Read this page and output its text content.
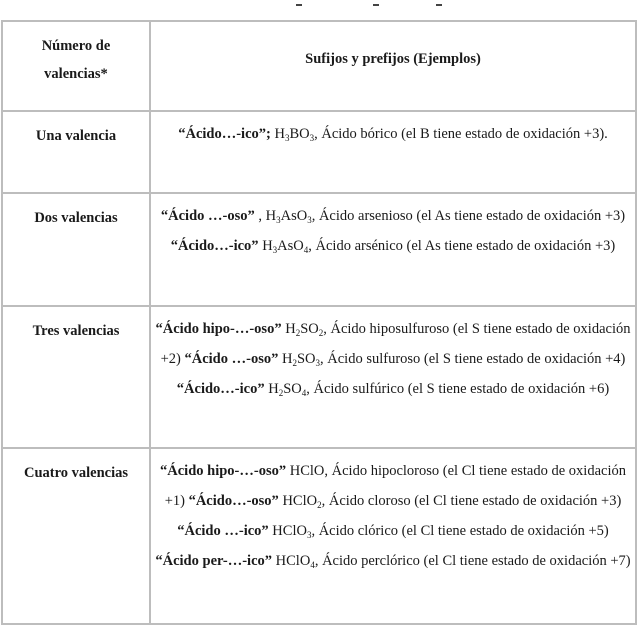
Número de valencias*	Sufijos y prefijos (Ejemplos)
Una valencia	“Ácido…-ico”; $H_3BO_3$, Ácido bórico (el B tiene estado de oxidación +3).
Dos valencias	“Ácido …-oso” , $H_3AsO_3$, Ácido arsenioso (el As tiene estado de oxidación +3) “Ácido…-ico” $H_3AsO_4$, Ácido arsénico (el As tiene estado de oxidación +3)
Tres valencias	“Ácido hipo-…-oso” $H_2SO_2$, Ácido hiposulfuroso (el S tiene estado de oxidación +2) “Ácido …-oso” $H_2SO_3$, Ácido sulfuroso (el S tiene estado de oxidación +4) “Ácido…-ico” $H_2SO_4$, Ácido sulfúrico (el S tiene estado de oxidación +6)
Cuatro valencias	“Ácido hipo-…-oso” HClO, Ácido hipocloroso (el Cl tiene estado de oxidación +1) “Ácido…-oso” HClO$_2$, Ácido cloroso (el Cl tiene estado de oxidación +3) “Ácido …-ico” HClO$_3$, Ácido clórico (el Cl tiene estado de oxidación +5) “Ácido per-…-ico” HClO$_4$, Ácido perclórico (el Cl tiene estado de oxidación +7)
